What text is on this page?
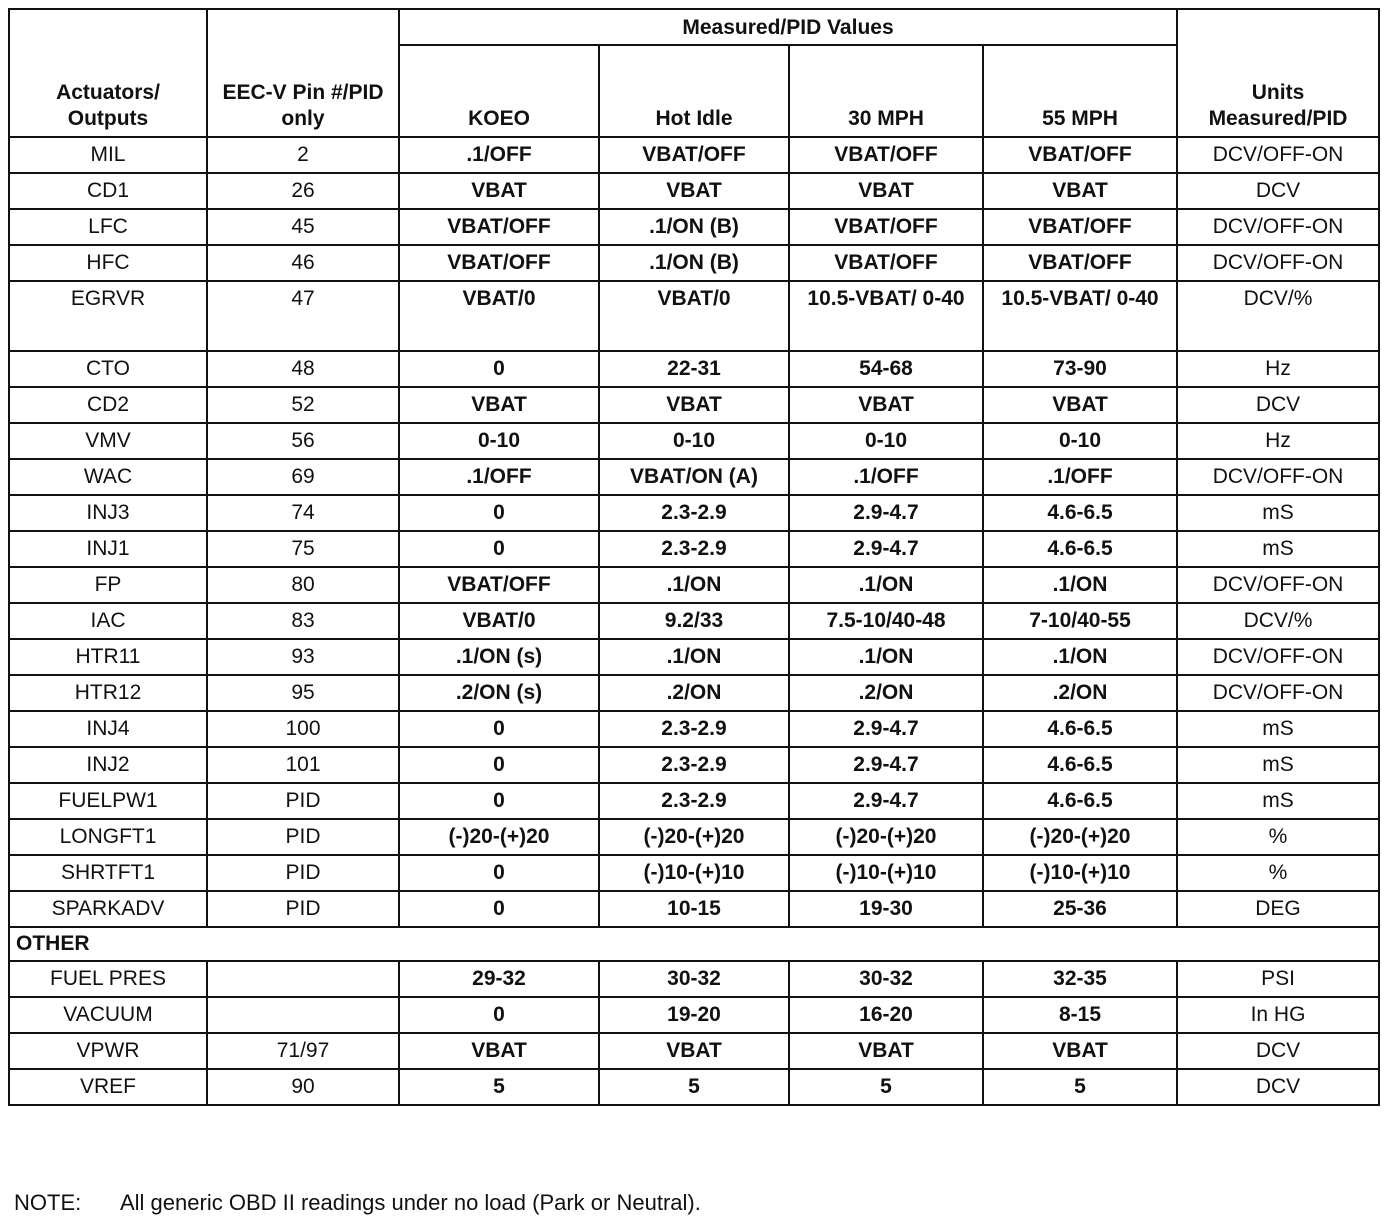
Actuators/ Outputs	EEC-V Pin #/PID only	Measured/PID Values				Units Measured/PID
		KOEO	Hot Idle	30 MPH	55 MPH	
MIL	2	.1/OFF	VBAT/OFF	VBAT/OFF	VBAT/OFF	DCV/OFF-ON
CD1	26	VBAT	VBAT	VBAT	VBAT	DCV
LFC	45	VBAT/OFF	.1/ON (B)	VBAT/OFF	VBAT/OFF	DCV/OFF-ON
HFC	46	VBAT/OFF	.1/ON (B)	VBAT/OFF	VBAT/OFF	DCV/OFF-ON
EGRVR	47	VBAT/0	VBAT/0	10.5-VBAT/ 0-40	10.5-VBAT/ 0-40	DCV/%
CTO	48	0	22-31	54-68	73-90	Hz
CD2	52	VBAT	VBAT	VBAT	VBAT	DCV
VMV	56	0-10	0-10	0-10	0-10	Hz
WAC	69	.1/OFF	VBAT/ON (A)	.1/OFF	.1/OFF	DCV/OFF-ON
INJ3	74	0	2.3-2.9	2.9-4.7	4.6-6.5	mS
INJ1	75	0	2.3-2.9	2.9-4.7	4.6-6.5	mS
FP	80	VBAT/OFF	.1/ON	.1/ON	.1/ON	DCV/OFF-ON
IAC	83	VBAT/0	9.2/33	7.5-10/40-48	7-10/40-55	DCV/%
HTR11	93	.1/ON (s)	.1/ON	.1/ON	.1/ON	DCV/OFF-ON
HTR12	95	.2/ON (s)	.2/ON	.2/ON	.2/ON	DCV/OFF-ON
INJ4	100	0	2.3-2.9	2.9-4.7	4.6-6.5	mS
INJ2	101	0	2.3-2.9	2.9-4.7	4.6-6.5	mS
FUELPW1	PID	0	2.3-2.9	2.9-4.7	4.6-6.5	mS
LONGFT1	PID	(-)20-(+)20	(-)20-(+)20	(-)20-(+)20	(-)20-(+)20	%
SHRTFT1	PID	0	(-)10-(+)10	(-)10-(+)10	(-)10-(+)10	%
SPARKADV	PID	0	10-15	19-30	25-36	DEG
OTHER						
FUEL PRES		29-32	30-32	30-32	32-35	PSI
VACUUM		0	19-20	16-20	8-15	In HG
VPWR	71/97	VBAT	VBAT	VBAT	VBAT	DCV
VREF	90	5	5	5	5	DCV
NOTE: All generic OBD II readings under no load (Park or Neutral).
